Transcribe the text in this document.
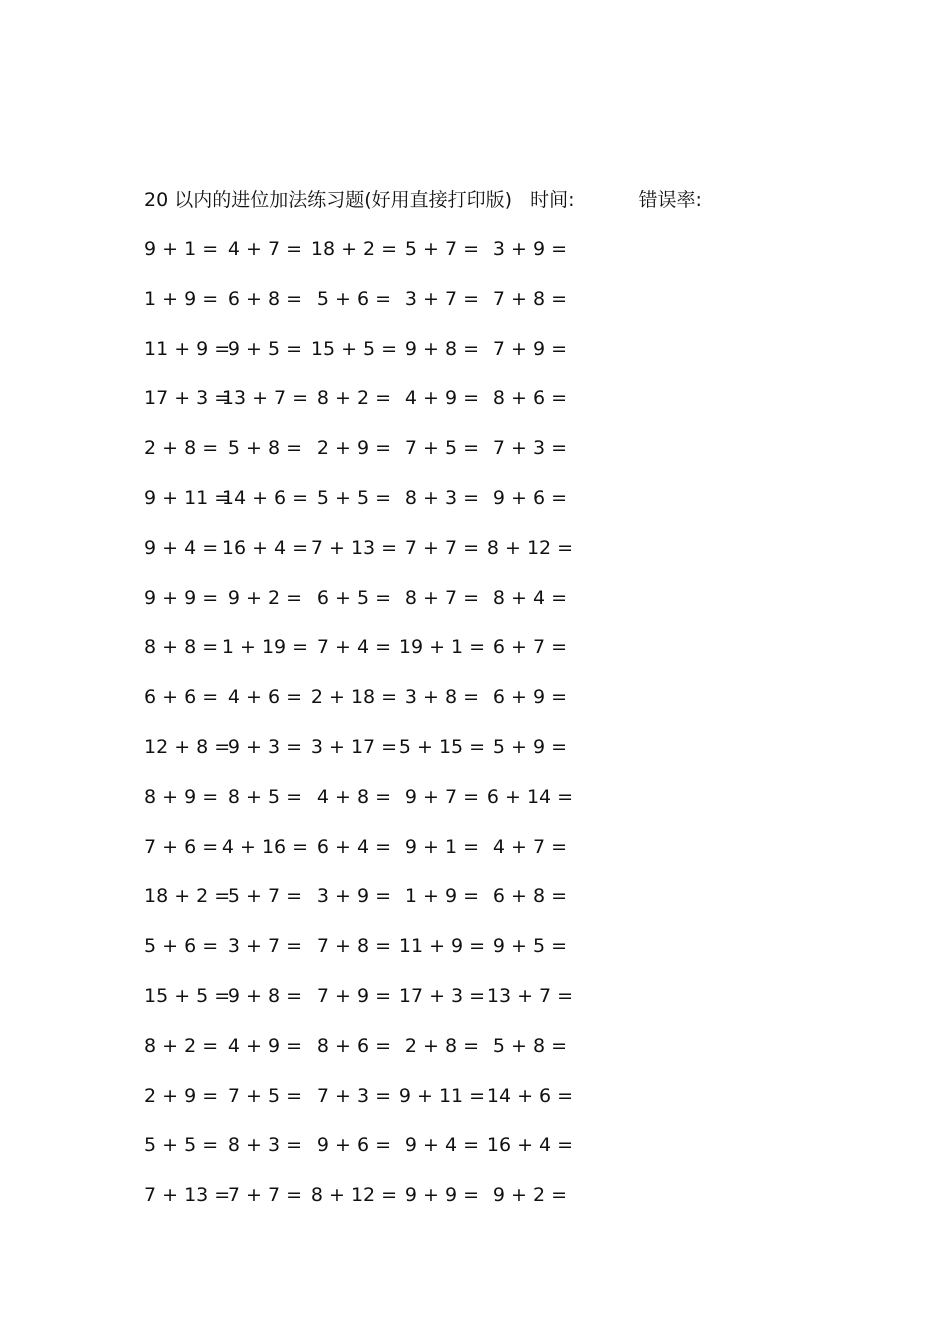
20 以内的进位加法练习题(好用直接打印版) 时间:	错误率:
9 + 1 = 4 + 7 = 18 + 2 = 5 + 7 = 3 + 9 =
1 + 9 = 6 + 8 = 5 + 6 = 3 + 7 = 7 + 8 =
11 + 9 =
9 + 5 = 15 + 5 = 9 + 8 = 7 + 9 =
17 + 3 =
13 + 7 = 8 + 2 = 4 + 9 = 8 + 6 =
2 + 8 = 5 + 8 = 2 + 9 = 7 + 5 = 7 + 3 =
9 + 11 =
14 + 6 = 5 + 5 = 8 + 3 = 9 + 6 =
9 + 4 = 16 + 4 = 7 + 13 = 7 + 7 = 8 + 12 =
9 + 9 = 9 + 2 = 6 + 5 = 8 + 7 = 8 + 4 =
8 + 8 = 1 + 19 = 7 + 4 = 19 + 1 = 6 + 7 =
6 + 6 = 4 + 6 = 2 + 18 = 3 + 8 = 6 + 9 =
12 + 8 =
9 + 3 = 3 + 17 = 5 + 15 = 5 + 9 =
8 + 9 = 8 + 5 = 4 + 8 = 9 + 7 = 6 + 14 =
7 + 6 = 4 + 16 = 6 + 4 = 9 + 1 = 4 + 7 =
18 + 2 =
5 + 7 = 3 + 9 = 1 + 9 = 6 + 8 =
5 + 6 = 3 + 7 = 7 + 8 = 11 + 9 = 9 + 5 =
15 + 5 =
9 + 8 = 7 + 9 = 17 + 3 = 13 + 7 =
8 + 2 = 4 + 9 = 8 + 6 = 2 + 8 = 5 + 8 =
2 + 9 = 7 + 5 = 7 + 3 = 9 + 11 = 14 + 6 =
5 + 5 = 8 + 3 = 9 + 6 = 9 + 4 = 16 + 4 =
7 + 13 =
7 + 7 = 8 + 12 = 9 + 9 = 9 + 2 =
